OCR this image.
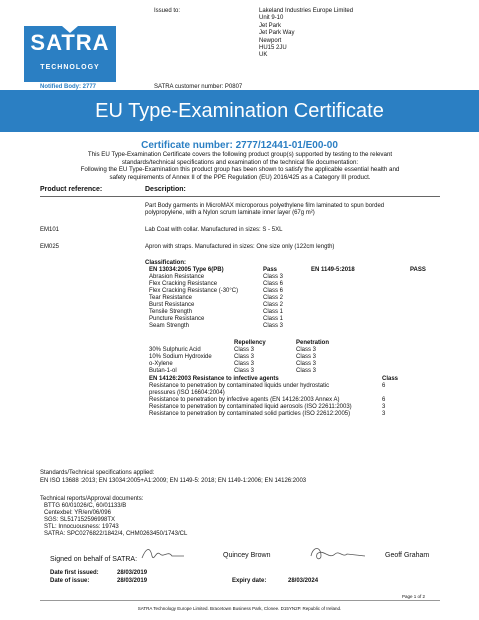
SATRA
TECHNOLOGY
Notified Body: 2777
Issued to:	Lakeland Industries Europe Limited
Unit 9-10
Jet Park
Jet Park Way
Newport
HU15 2JU
UK
SATRA customer number: P0807
EU Type-Examination Certificate
Certificate number: 2777/12441-01/E00-00
This EU Type-Examination Certificate covers the following product group(s) supported by testing to the relevant
standards/technical specifications and examination of the technical file documentation:
Following the EU Type-Examination this product group has been shown to satisfy the applicable essential health and
safety requirements of Annex II of the PPE Regulation (EU) 2016/425 as a Category III product.
Product reference:	Description:
Part Body garments in MicroMAX microporous polyethylene film laminated to spun borded
polypropylene, with a Nylon scrum laminate inner layer (67g m²)
EM101	Lab Coat with collar. Manufactured in sizes: S - 5XL
EM025	Apron with straps. Manufactured in sizes: One size only (122cm length)
Classification:
EN 13034:2005 Type 6(PB)	Pass	EN 1149-5:2018	PASS
Abrasion Resistance	Class 3
Flex Cracking Resistance	Class 6
Flex Cracking Resistance (-30°C)	Class 6
Tear Resistance	Class 2
Burst Resistance	Class 2
Tensile Strength	Class 1
Puncture Resistance	Class 1
Seam Strength	Class 3
Repellency	Penetration
30% Sulphuric Acid	Class 3	Class 3
10% Sodium Hydroxide	Class 3	Class 3
o-Xylene	Class 3	Class 3
Butan-1-ol	Class 3	Class 3
EN 14126:2003 Resistance to infective agents	Class
Resistance to penetration by contaminated liquids under hydrostatic	6
pressures (ISO 16604:2004)
Resistance to penetration by infective agents (EN 14126:2003 Annex A)	6
Resistance to penetration by contaminated liquid aerosols (ISO 22611:2003)	3
Resistance to penetration by contaminated solid particles (ISO 22612:2005)	3
Standards/Technical specifications applied:
EN ISO 13688 :2013; EN 13034:2005+A1:2009; EN 1149-5: 2018; EN 1149-1:2006; EN 14126:2003
Technical reports/Approval documents:
BTTG 60/01026/C, 60/01133/B
Centexbel: YR/en/06/096
SGS: SL517152596998TX
STL: Innocuousness: 19743
SATRA: SPC0276822/1842/4, CHM0263450/1743/CL
Signed on behalf of SATRA:
Quincey Brown	Geoff Graham
Date first issued:	28/03/2019
Date of issue:	28/03/2019	Expiry date:	28/03/2024
Page 1 of 2
SATRA Technology Europe Limited. Bracetown Business Park, Clonee. D15YN2P. Republic of Ireland.
